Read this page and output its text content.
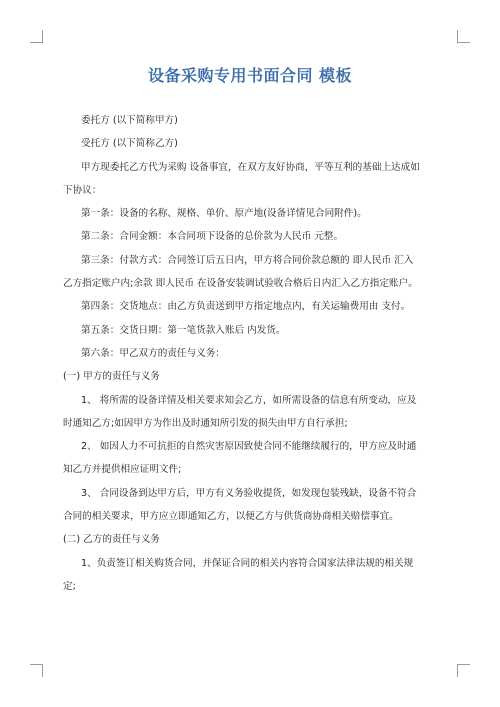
设备采购专用书面合同 模板

委托方 (以下简称甲方)

受托方 (以下简称乙方)

甲方现委托乙方代为采购 设备事宜，在双方友好协商，平等互利的基础上达成如

下协议：

第一条：设备的名称、规格、单价、原产地(设备详情见合同附件)。

第二条：合同金额：本合同项下设备的总价款为人民币 元整。

第三条：付款方式：合同签订后五日内，甲方将合同价款总额的 即人民币 汇入

乙方指定账户内;余款 即人民币 在设备安装调试验收合格后日内汇入乙方指定账户。

第四条：交货地点：由乙方负责送到甲方指定地点内，有关运输费用由 支付。

第五条：交货日期：第一笔货款入账后 内发货。

第六条：甲乙双方的责任与义务：

(一) 甲方的责任与义务

1、 将所需的设备详情及相关要求知会乙方，如所需设备的信息有所变动，应及

时通知乙方;如因甲方为作出及时通知所引发的损失由甲方自行承担;

2、 如因人力不可抗拒的自然灾害原因致使合同不能继续履行的，甲方应及时通

知乙方并提供相应证明文件;

3、 合同设备到达甲方后，甲方有义务验收提货，如发现包装残缺，设备不符合

合同的相关要求，甲方应立即通知乙方，以便乙方与供货商协商相关赔偿事宜。

(二) 乙方的责任与义务

1、负责签订相关购货合同，并保证合同的相关内容符合国家法律法规的相关规

定;
